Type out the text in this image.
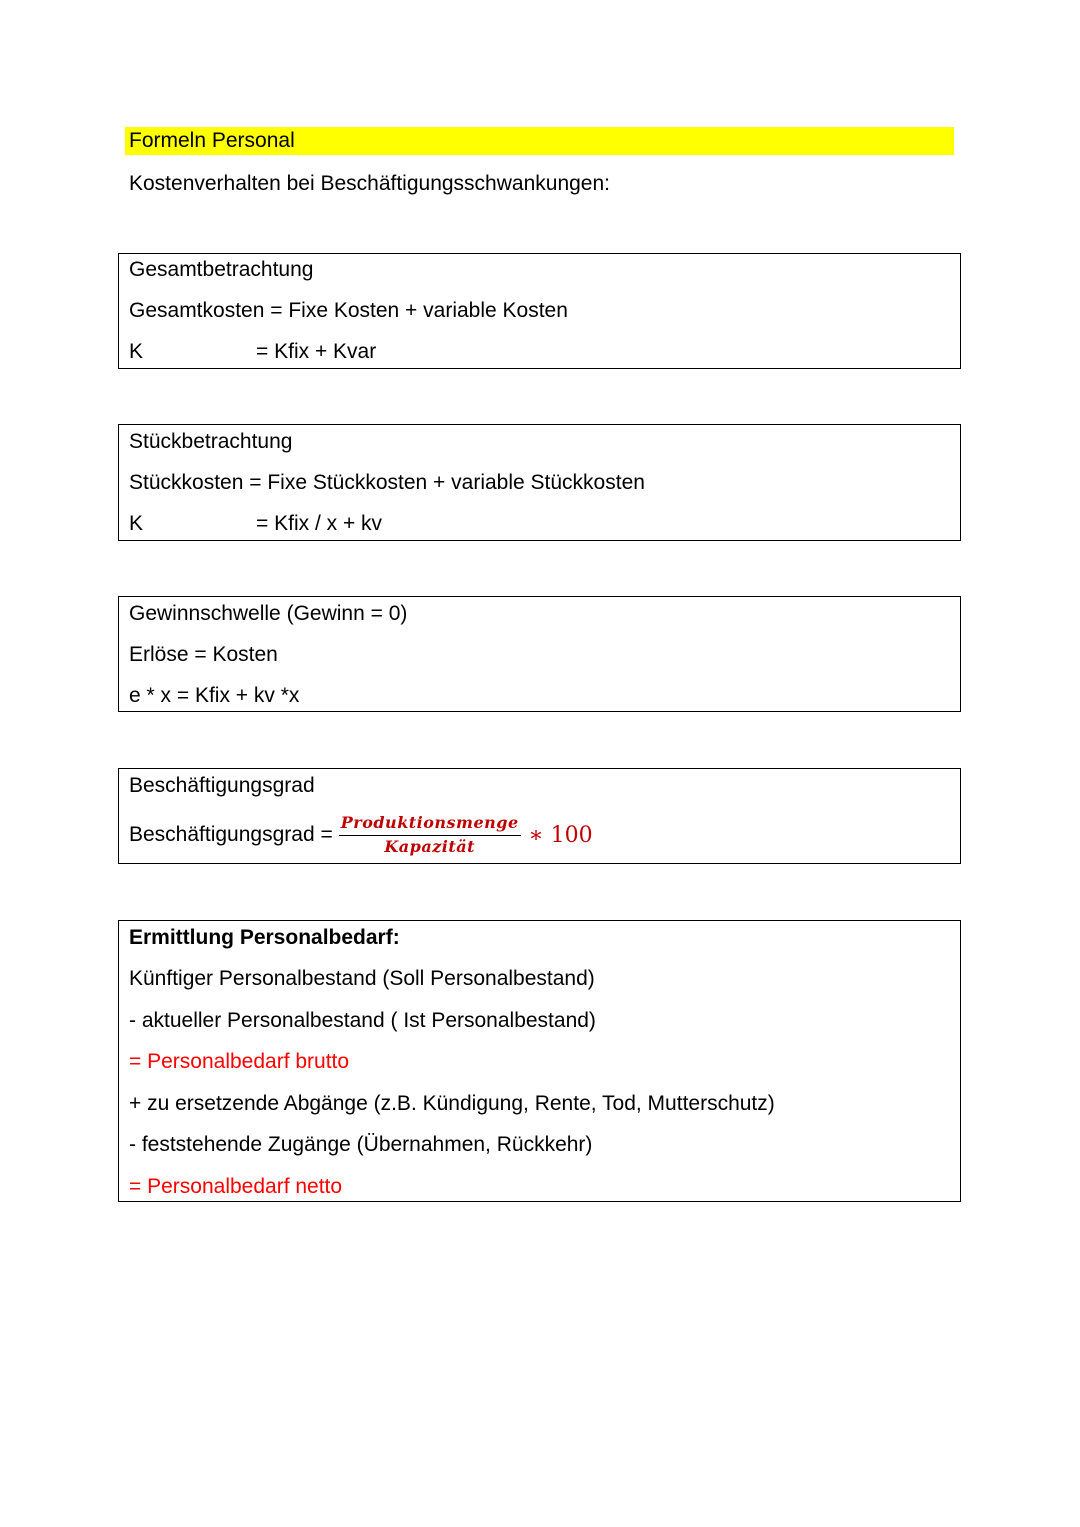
Formeln Personal
Kostenverhalten bei Beschäftigungsschwankungen:
Gesamtbetrachtung
Gesamtkosten = Fixe Kosten + variable Kosten
K	= Kfix + Kvar
Stückbetrachtung
Stückkosten = Fixe Stückkosten + variable Stückkosten
K	= Kfix / x + kv
Gewinnschwelle (Gewinn = 0)
Erlöse = Kosten
e * x = Kfix + kv *x
Beschäftigungsgrad
Beschäftigungsgrad = $\frac{\text{Produktionsmenge}}{\text{Kapazität}}$ ∗ 100
Ermittlung Personalbedarf:
Künftiger Personalbestand (Soll Personalbestand)
- aktueller Personalbestand ( Ist Personalbestand)
= Personalbedarf brutto
+ zu ersetzende Abgänge (z.B. Kündigung, Rente, Tod, Mutterschutz)
- feststehende Zugänge (Übernahmen, Rückkehr)
= Personalbedarf netto
